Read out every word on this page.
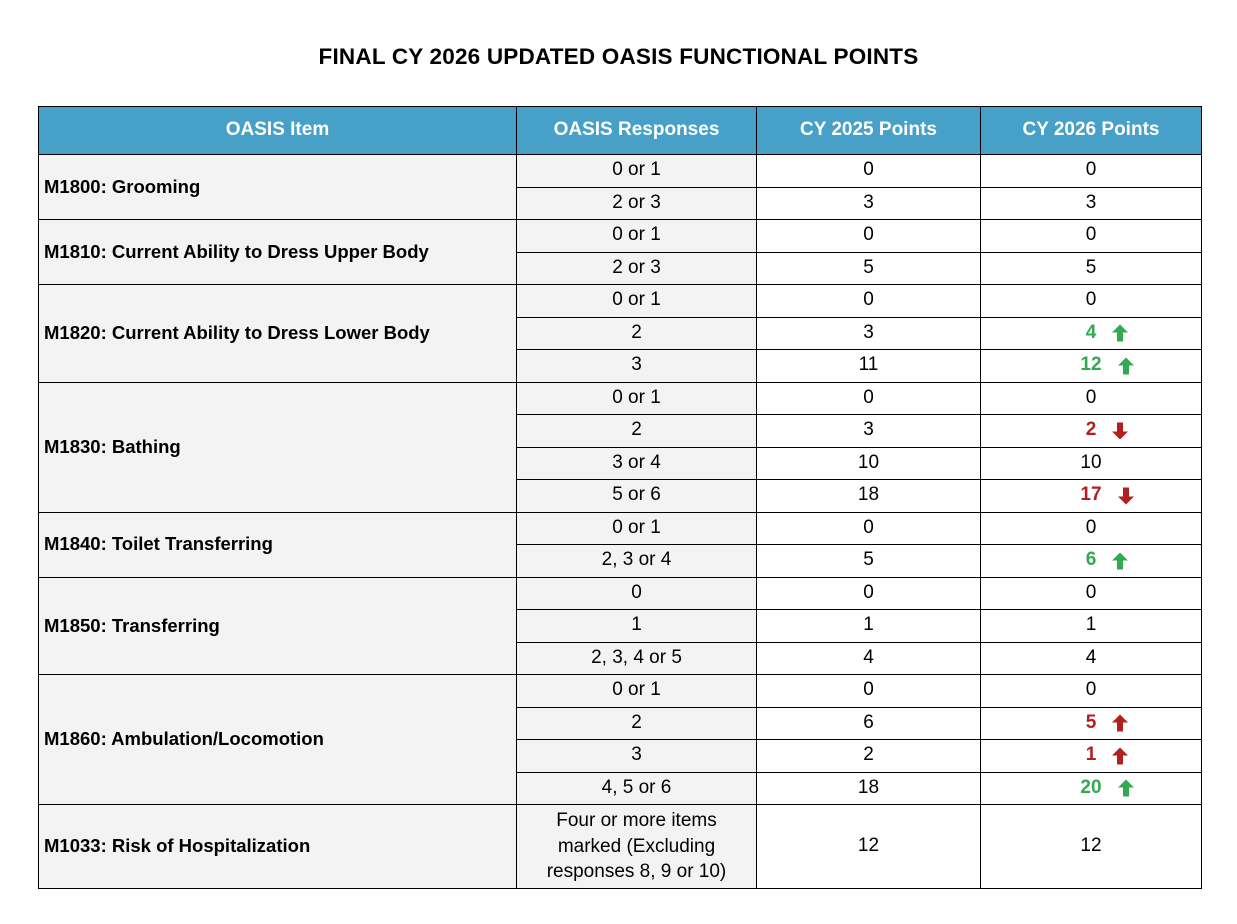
FINAL CY 2026 UPDATED OASIS FUNCTIONAL POINTS
OASIS Item	OASIS Responses	CY 2025 Points	CY 2026 Points
M1800: Grooming	0 or 1	0	0
	2 or 3	3	3
M1810: Current Ability to Dress Upper Body	0 or 1	0	0
	2 or 3	5	5
M1820: Current Ability to Dress Lower Body	0 or 1	0	0
	2	3	4

	3	11	12

M1830: Bathing	0 or 1	0	0
	2	3	2

	3 or 4	10	10
	5 or 6	18	17

M1840: Toilet Transferring	0 or 1	0	0
	2, 3 or 4	5	6

M1850: Transferring	0	0	0
	1	1	1
	2, 3, 4 or 5	4	4
M1860: Ambulation/Locomotion	0 or 1	0	0
	2	6	5

	3	2	1

	4, 5 or 6	18	20

M1033: Risk of Hospitalization	Four or more items
marked (Excluding
responses 8, 9 or 10)	12	12
